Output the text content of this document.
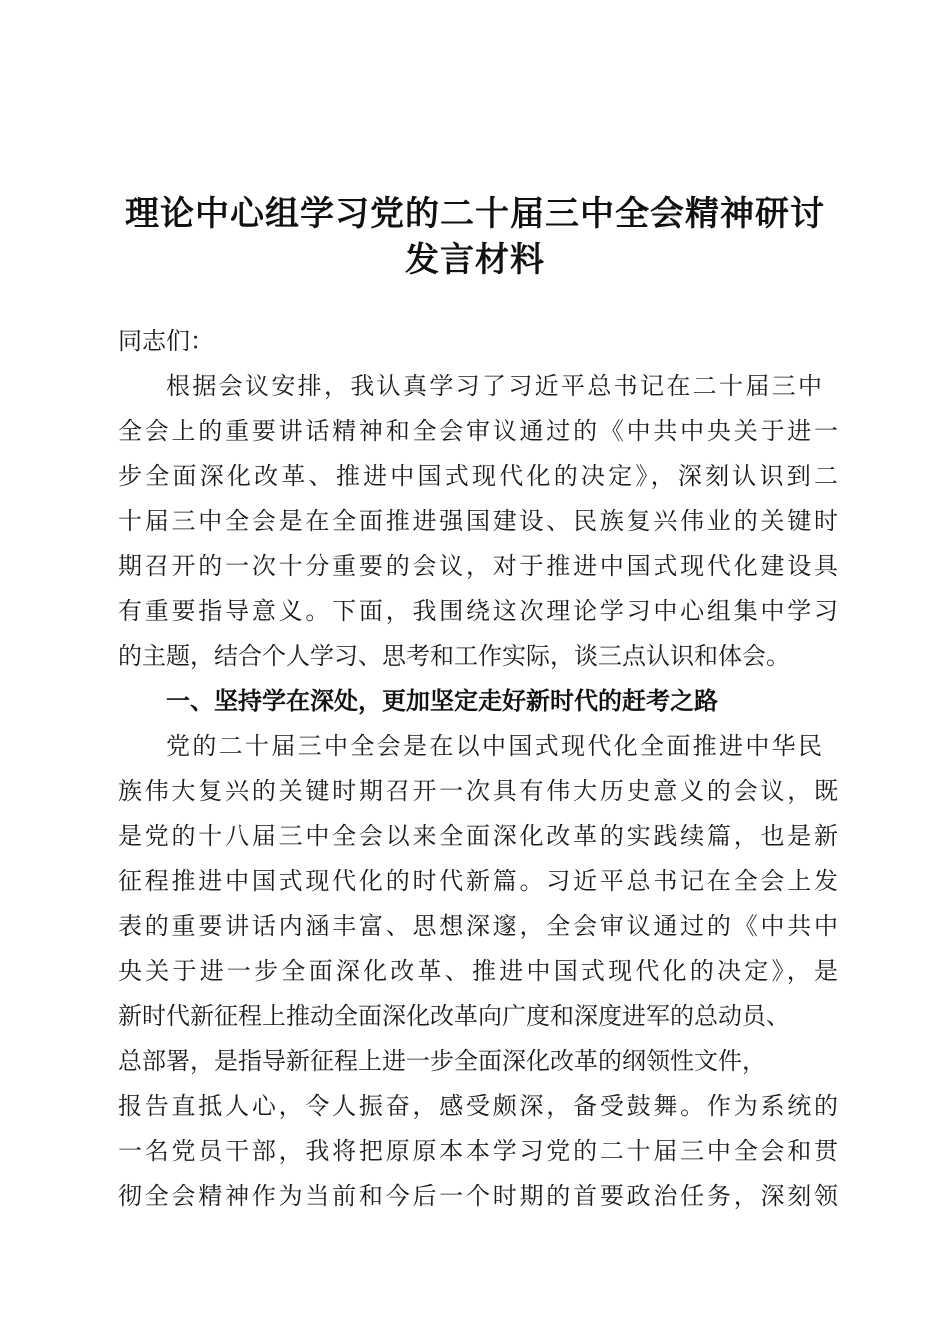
理论中心组学习党的二十届三中全会精神研讨
发言材料
同志们：
根据会议安排，我认真学习了习近平总书记在二十届三中
全会上的重要讲话精神和全会审议通过的《中共中央关于进一
步全面深化改革、推进中国式现代化的决定》，深刻认识到二
十届三中全会是在全面推进强国建设、民族复兴伟业的关键时
期召开的一次十分重要的会议，对于推进中国式现代化建设具
有重要指导意义。下面，我围绕这次理论学习中心组集中学习
的主题，结合个人学习、思考和工作实际，谈三点认识和体会。
一、坚持学在深处，更加坚定走好新时代的赶考之路
党的二十届三中全会是在以中国式现代化全面推进中华民
族伟大复兴的关键时期召开一次具有伟大历史意义的会议，既
是党的十八届三中全会以来全面深化改革的实践续篇，也是新
征程推进中国式现代化的时代新篇。习近平总书记在全会上发
表的重要讲话内涵丰富、思想深邃，全会审议通过的《中共中
央关于进一步全面深化改革、推进中国式现代化的决定》，是
新时代新征程上推动全面深化改革向广度和深度进军的总动员、
总部署，是指导新征程上进一步全面深化改革的纲领性文件，
报告直抵人心，令人振奋，感受颇深，备受鼓舞。作为系统的
一名党员干部，我将把原原本本学习党的二十届三中全会和贯
彻全会精神作为当前和今后一个时期的首要政治任务，深刻领
